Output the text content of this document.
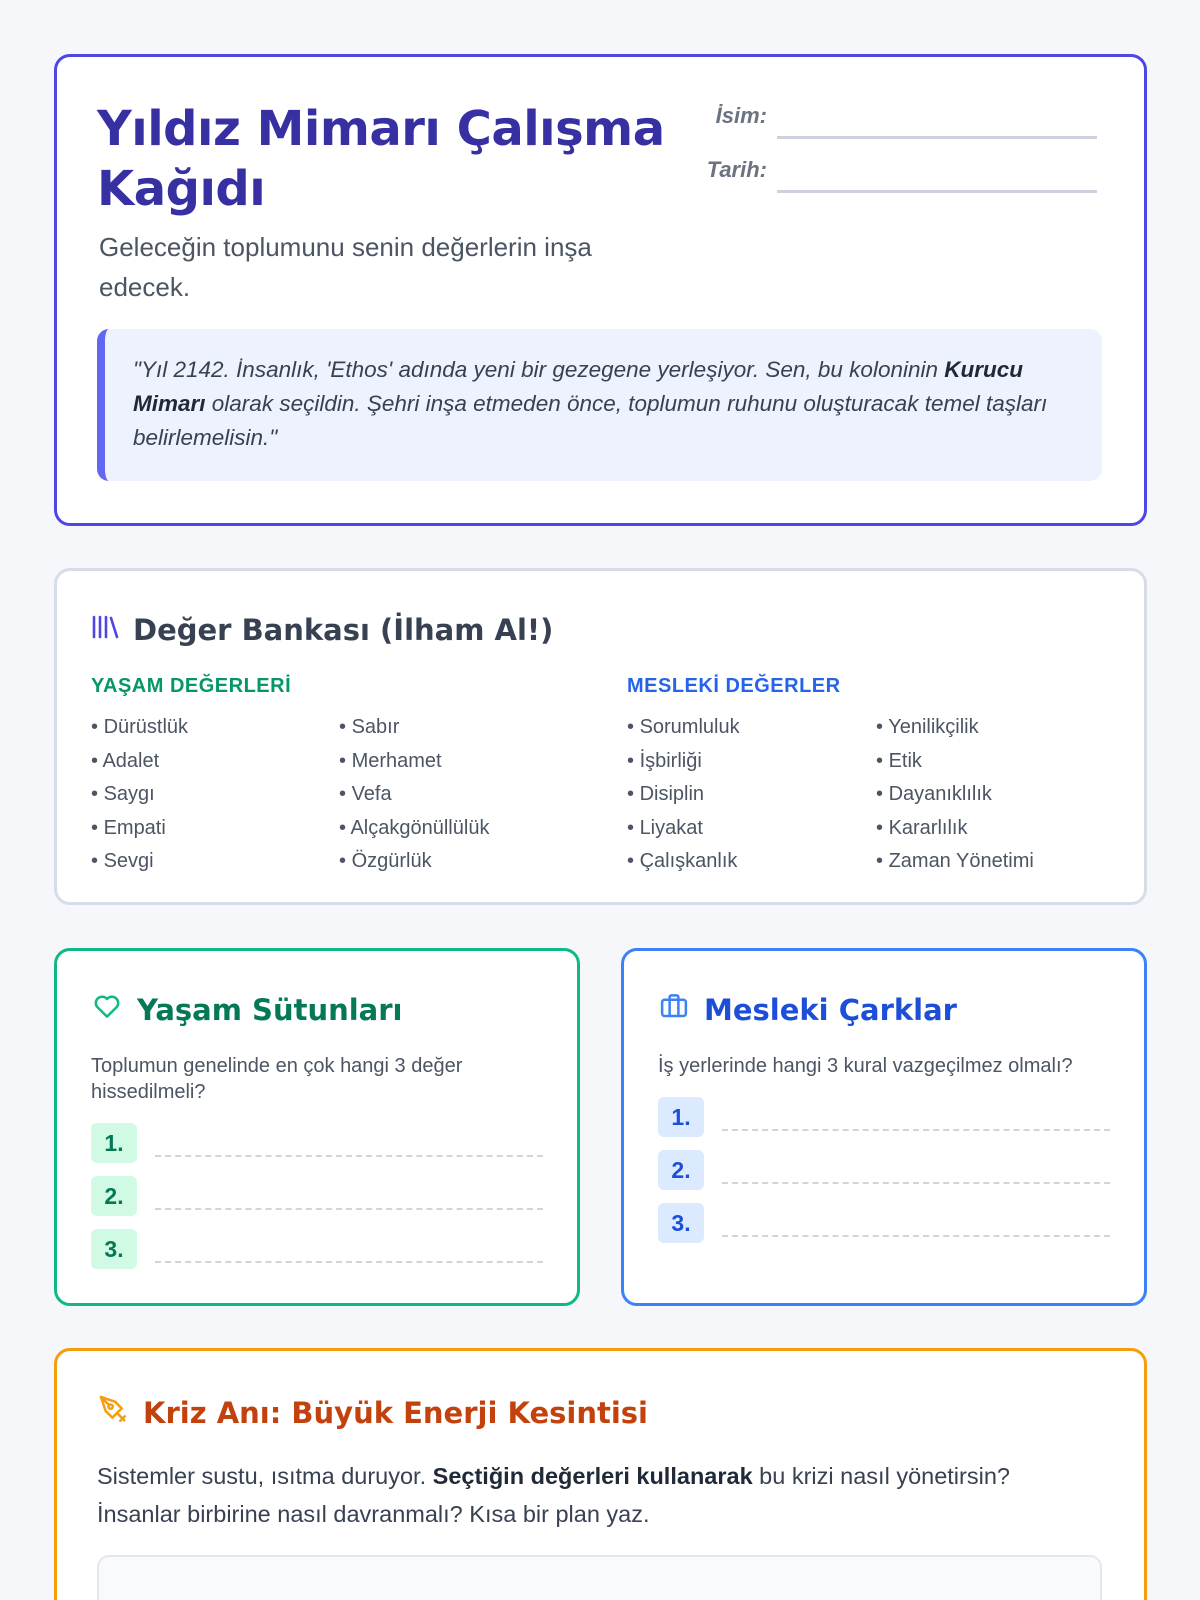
Yıldız Mimarı Çalışma Kağıdı

Geleceğin toplumunu senin değerlerin inşa edecek.

İsim:
Tarih:
"Yıl 2142. İnsanlık, 'Ethos' adında yeni bir gezegene yerleşiyor. Sen, bu koloninin Kurucu Mimarı olarak seçildin. Şehri inşa etmeden önce, toplumun ruhunu oluşturacak temel taşları belirlemelisin."
Değer Bankası (İlham Al!)
YAŞAM DEĞERLERİ	MESLEKİ DEĞERLER
• Dürüstlük
• Adalet
• Saygı
• Empati
• Sevgi
• Sabır
• Merhamet
• Vefa
• Alçakgönüllülük
• Özgürlük
• Sorumluluk
• İşbirliği
• Disiplin
• Liyakat
• Çalışkanlık
• Yenilikçilik
• Etik
• Dayanıklılık
• Kararlılık
• Zaman Yönetimi
Yaşam Sütunları

Toplumun genelinde en çok hangi 3 değer hissedilmeli?

1.
2.
3.
Mesleki Çarklar

İş yerlerinde hangi 3 kural vazgeçilmez olmalı?

1.
2.
3.
Kriz Anı: Büyük Enerji Kesintisi

Sistemler sustu, ısıtma duruyor. Seçtiğin değerleri kullanarak bu krizi nasıl yönetirsin? İnsanlar birbirine nasıl davranmalı? Kısa bir plan yaz.
